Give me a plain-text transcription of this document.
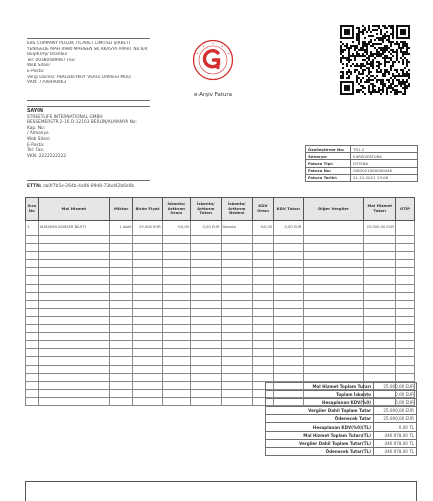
EBS COMPANY PLUZIK TİCARET LİMİTED ŞİRKETİ
YENİGEDE MAH 0980 MAHSEN SK AKASYA APART No:8/4
BEŞİKTAŞ/ İstanbul
Tel: 00380489987 Fax:
Web Sitesi:
E-Posta:
Vergi Dairesi: PEKİZBEYKOY VERGİ DAİRESİ MUD.
VKN: 7708490963
e-Arşiv Fatura
SAYIN
STREETLIFE INTERNATIONAL GMBH
BESSEMERSTR.2-16 D-12103 BERLİN/ALMANYA No:
Kap. No:
/ Almanya
Web Sitesi:
E-Posta:
Tel: Fax:
VKN: 2222222222
Özelleştirme No:	TR1.2
Senaryo:	EARSIVFATURA
Fatura Tipi:	ISTISNA
Fatura No:	GIB2021000000046
Fatura Tarihi:	21-12-2021 13:08
ETTN: da0f7b5e-264b-4a96-89d8-73bd42b6e0b
Sıra No	Mal Hizmet	Miktar	Birim Fiyat	İskonto/ Arttırım Oranı	İskonto/ Arttırım Tutarı	İskonto/ Arttırım Nedeni	KDV Oranı	KDV Tutarı	Diğer Vergiler	Mal Hizmet Tutarı	GTİP
1	ALMANYA KONSER BİLETİ	1 Adet	25.000 EUR	%0,00	0,00 EUR	İskonto	%0,00	0,00 EUR		25.000,00 EUR	

Mal Hizmet Toplam Tutarı	25.000,00 EUR
Toplam İskonto	0,00 EUR
Hesaplanan KDV(%0)	0,00 EUR
Vergiler Dahil Toplam Tutar	25.000,00 EUR
Ödenecek Tutar	25.000,00 EUR
Hesaplanan KDV(%0)(TL)	0,00 TL
Mal Hizmet Toplam Tutarı(TL)	446.978,00 TL
Vergiler Dahil Toplam Tutar(TL)	446.978,00 TL
Ödenecek Tutar(TL)	446.978,00 TL
